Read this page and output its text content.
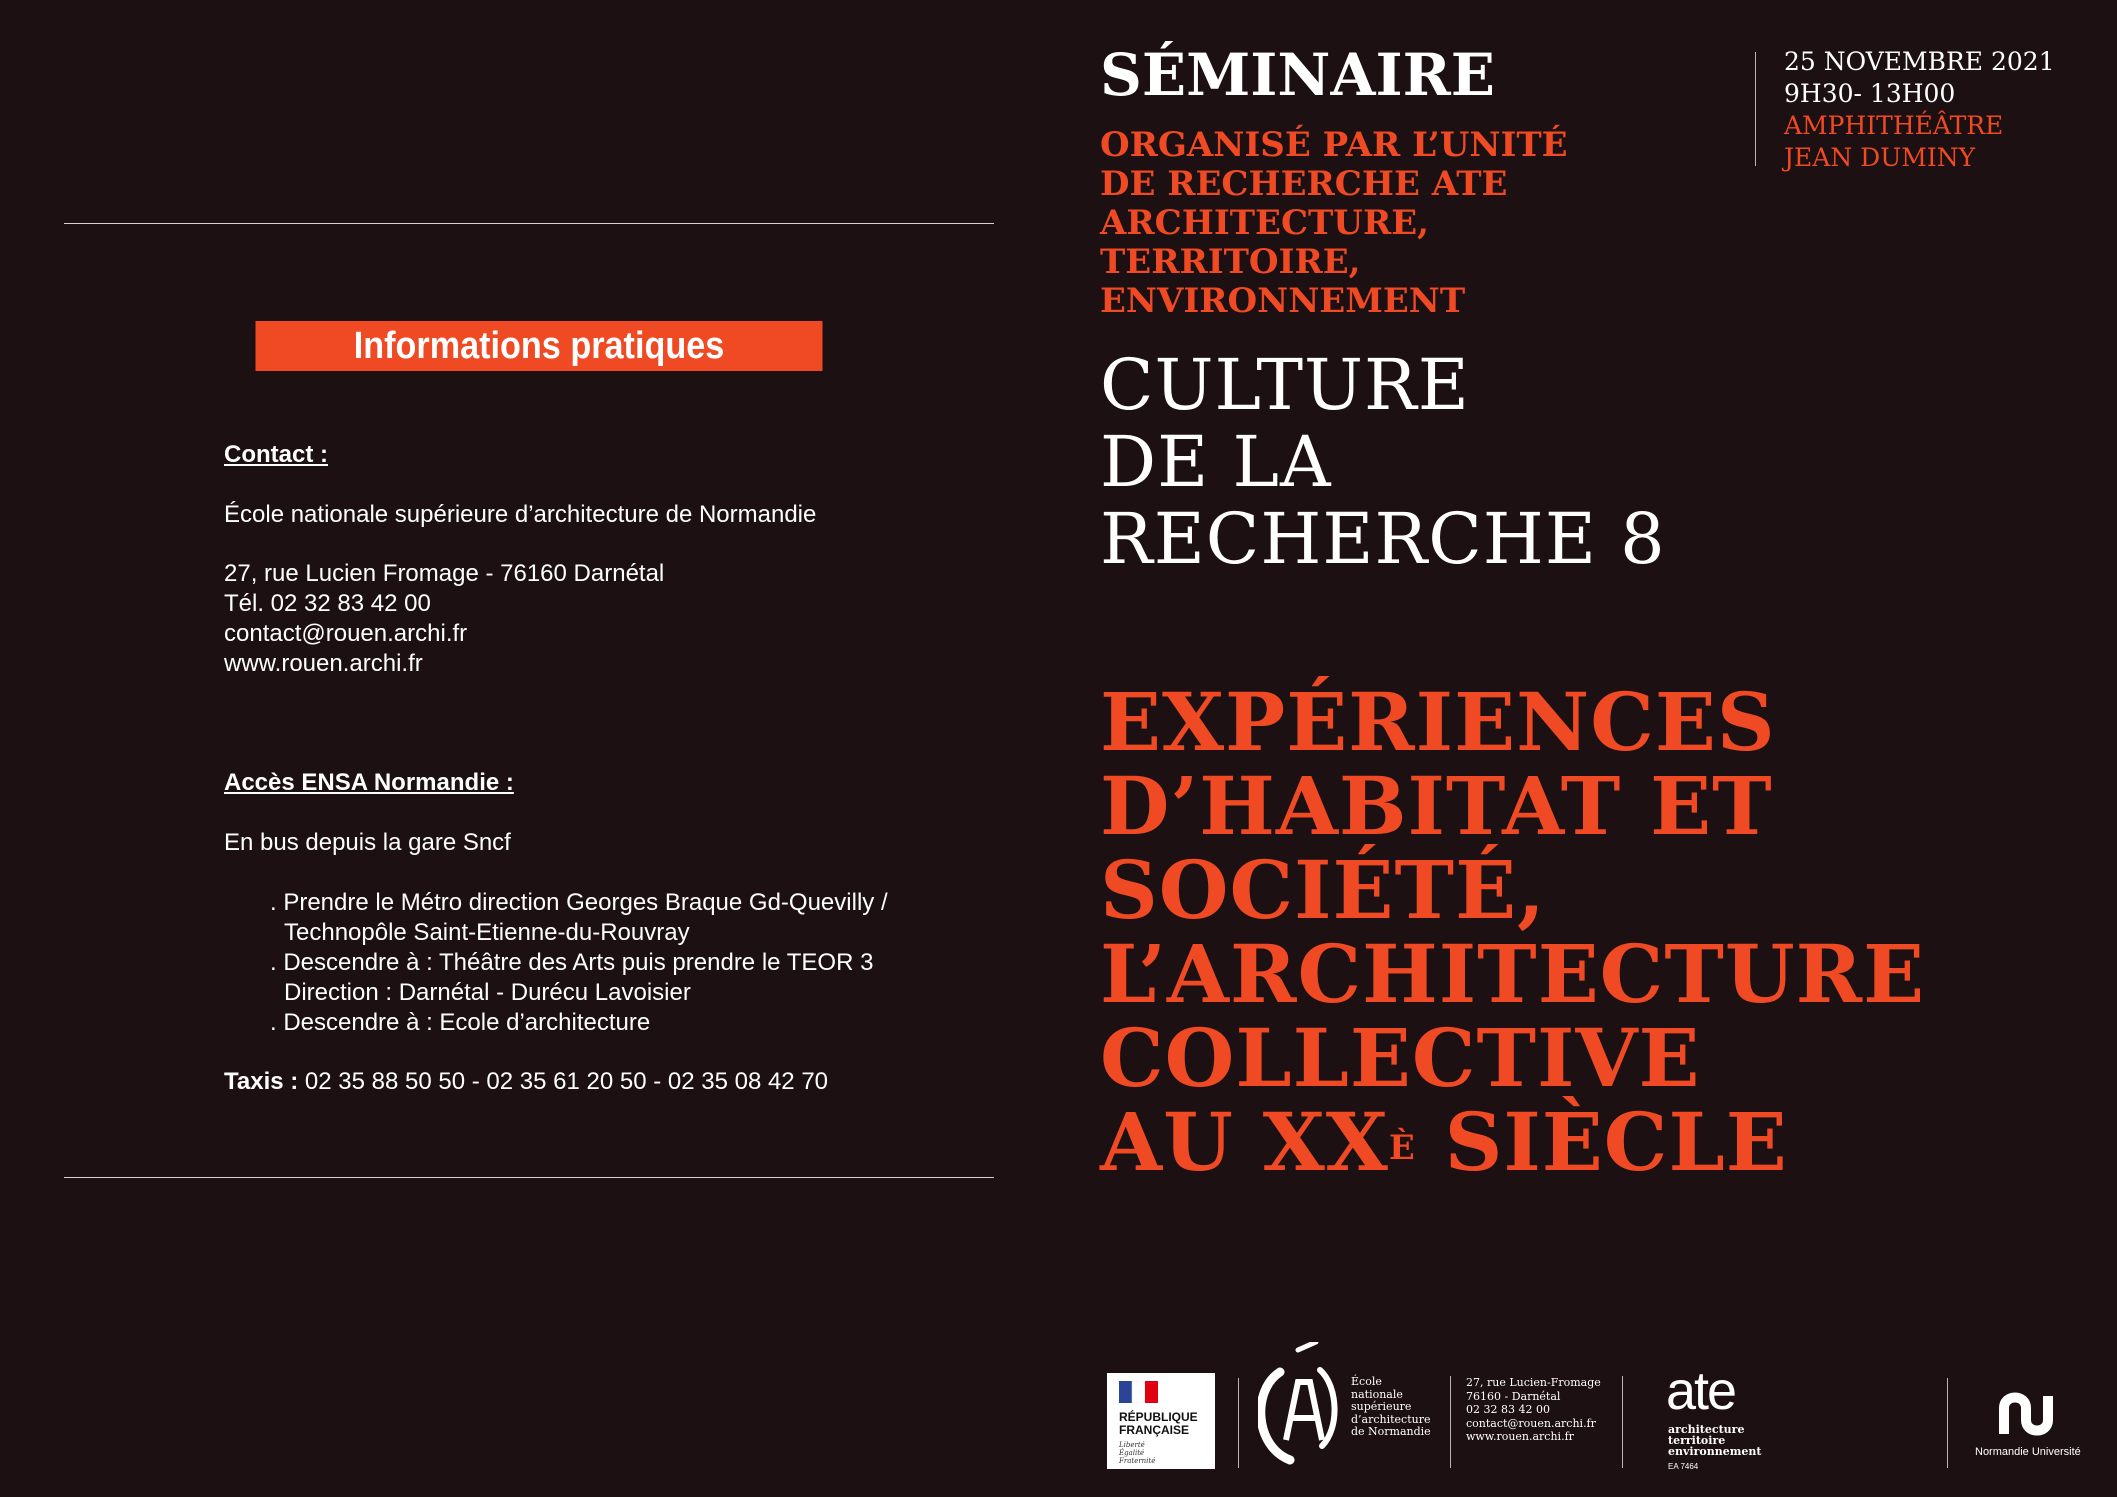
Informations pratiques
Contact :
École nationale supérieure d’architecture de Normandie
27, rue Lucien Fromage - 76160 Darnétal
Tél. 02 32 83 42 00
contact@rouen.archi.fr
www.rouen.archi.fr
Accès ENSA Normandie :
En bus depuis la gare Sncf
. Prendre le Métro direction Georges Braque Gd-Quevilly /
Technopôle Saint-Etienne-du-Rouvray
. Descendre à : Théâtre des Arts puis prendre le TEOR 3
Direction : Darnétal - Durécu Lavoisier
. Descendre à : Ecole d’architecture
Taxis : 02 35 88 50 50 - 02 35 61 20 50 - 02 35 08 42 70
SÉMINAIRE
ORGANISÉ PAR L’UNITÉ
DE RECHERCHE ATE
ARCHITECTURE,
TERRITOIRE,
ENVIRONNEMENT
CULTURE
DE LA
RECHERCHE 8
EXPÉRIENCES
D’HABITAT ET
SOCIÉTÉ,
L’ARCHITECTURE
COLLECTIVE
AU $XX^È$ SIÈCLE
25 NOVEMBRE 2021
9H30- 13H00
AMPHITHÉÂTRE
JEAN DUMINY
RÉPUBLIQUE
FRANÇAISE
Liberté
Égalité
Fraternité
École
nationale
supérieure
d’architecture
de Normandie
27, rue Lucien-Fromage
76160 - Darnétal
02 32 83 42 00
contact@rouen.archi.fr
www.rouen.archi.fr
ate
architecture
territoire
environnement
EA 7464
Normandie Université
